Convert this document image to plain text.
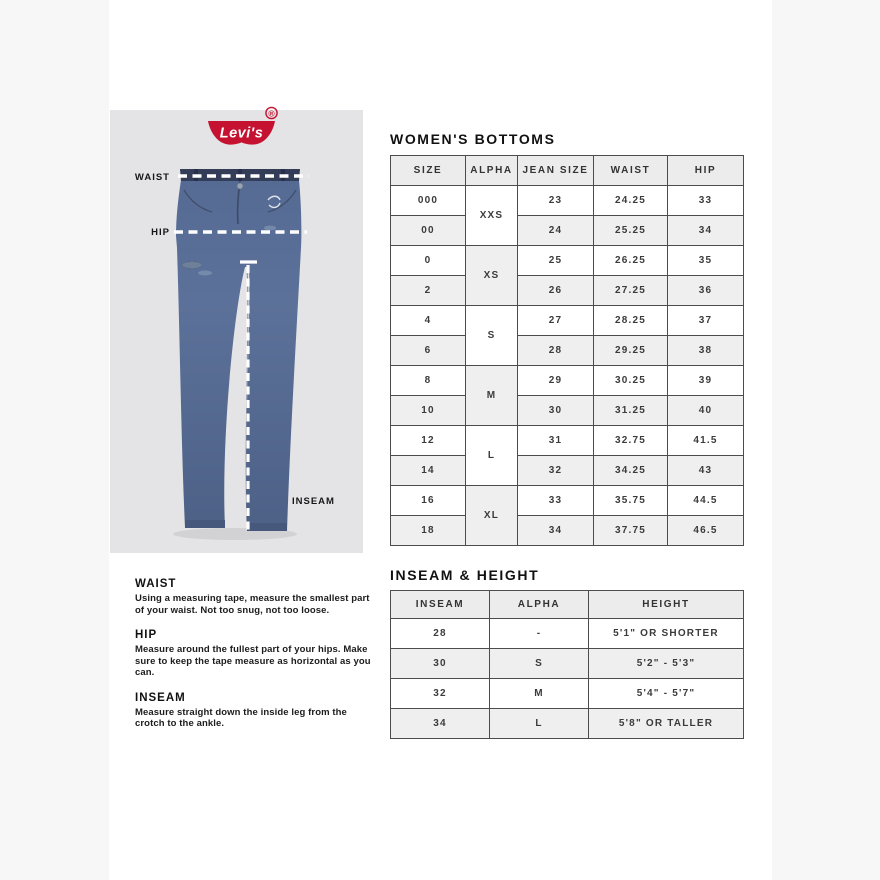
®
Levi's
WAIST
HIP
INSEAM
WOMEN'S BOTTOMS
SIZE	ALPHA	JEAN SIZE	WAIST	HIP
000	XXS	23	24.25	33
00		24	25.25	34
0	XS	25	26.25	35
2		26	27.25	36
4	S	27	28.25	37
6		28	29.25	38
8	M	29	30.25	39
10		30	31.25	40
12	L	31	32.75	41.5
14		32	34.25	43
16	XL	33	35.75	44.5
18		34	37.75	46.5
WAIST

Using a measuring tape, measure the smallest part of your waist. Not too snug, not too loose.

HIP

Measure around the fullest part of your hips. Make sure to keep the tape measure as horizontal as you can.

INSEAM

Measure straight down the inside leg from the crotch to the ankle.

INSEAM & HEIGHT
INSEAM	ALPHA	HEIGHT
28	-	5'1" OR SHORTER
30	S	5'2" - 5'3"
32	M	5'4" - 5'7"
34	L	5'8" OR TALLER
